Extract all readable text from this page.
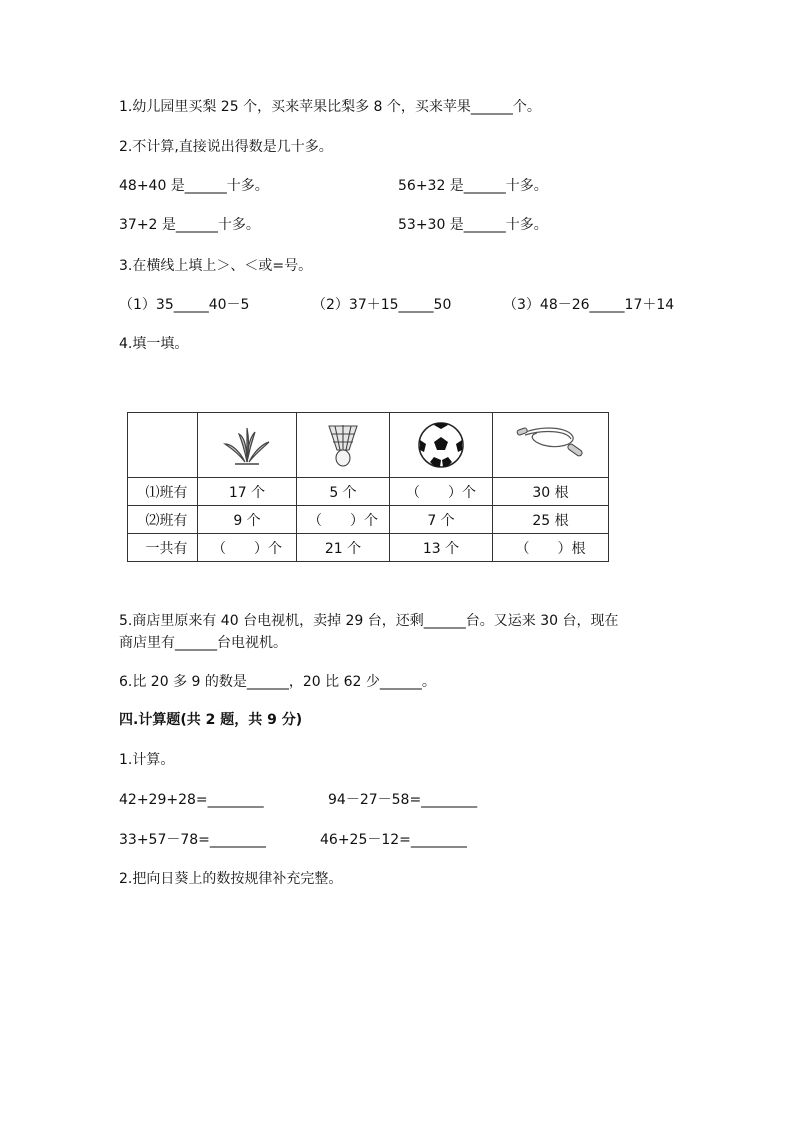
1.幼儿园里买梨 25 个，买来苹果比梨多 8 个，买来苹果______个。
2.不计算,直接说出得数是几十多。
48+40 是______十多。	56+32 是______十多。
37+2 是______十多。	53+30 是______十多。
3.在横线上填上＞、＜或=号。
（1）35_____40－5	（2）37＋15_____50	（3）48－26_____17＋14
4.填一填。

⑴班有	17 个	5 个	（　　）个	30 根
⑵班有	9 个	（　　）个	7 个	25 根
一共有	（　　）个	21 个	13 个	（　　）根
5.商店里原来有 40 台电视机，卖掉 29 台，还剩______台。又运来 30 台，现在
商店里有______台电视机。
6.比 20 多 9 的数是______，20 比 62 少______。
四.计算题(共 2 题，共 9 分)
1.计算。
42+29+28=________	94－27－58=________
33+57－78=________	46+25－12=________
2.把向日葵上的数按规律补充完整。
